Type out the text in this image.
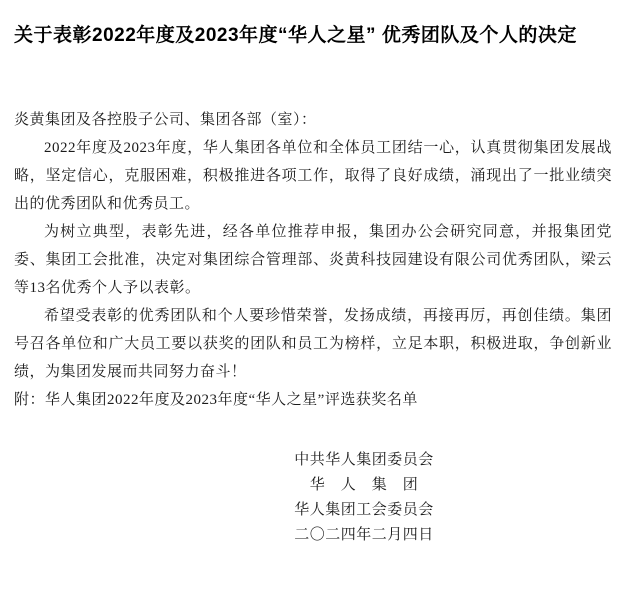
关于表彰2022年度及2023年度“华人之星” 优秀团队及个人的决定

炎黄集团及各控股子公司、集团各部（室）：

2022年度及2023年度，华人集团各单位和全体员工团结一心，认真贯彻集团发展战略，坚定信心，克服困难，积极推进各项工作，取得了良好成绩，涌现出了一批业绩突出的优秀团队和优秀员工。

为树立典型，表彰先进，经各单位推荐申报，集团办公会研究同意，并报集团党委、集团工会批准，决定对集团综合管理部、炎黄科技园建设有限公司优秀团队，梁云等13名优秀个人予以表彰。

希望受表彰的优秀团队和个人要珍惜荣誉，发扬成绩，再接再厉，再创佳绩。集团号召各单位和广大员工要以获奖的团队和员工为榜样，立足本职，积极进取，争创新业绩，为集团发展而共同努力奋斗！

附：华人集团2022年度及2023年度“华人之星”评选获奖名单

中共华人集团委员会

华　人　集　团

华人集团工会委员会

二〇二四年二月四日
